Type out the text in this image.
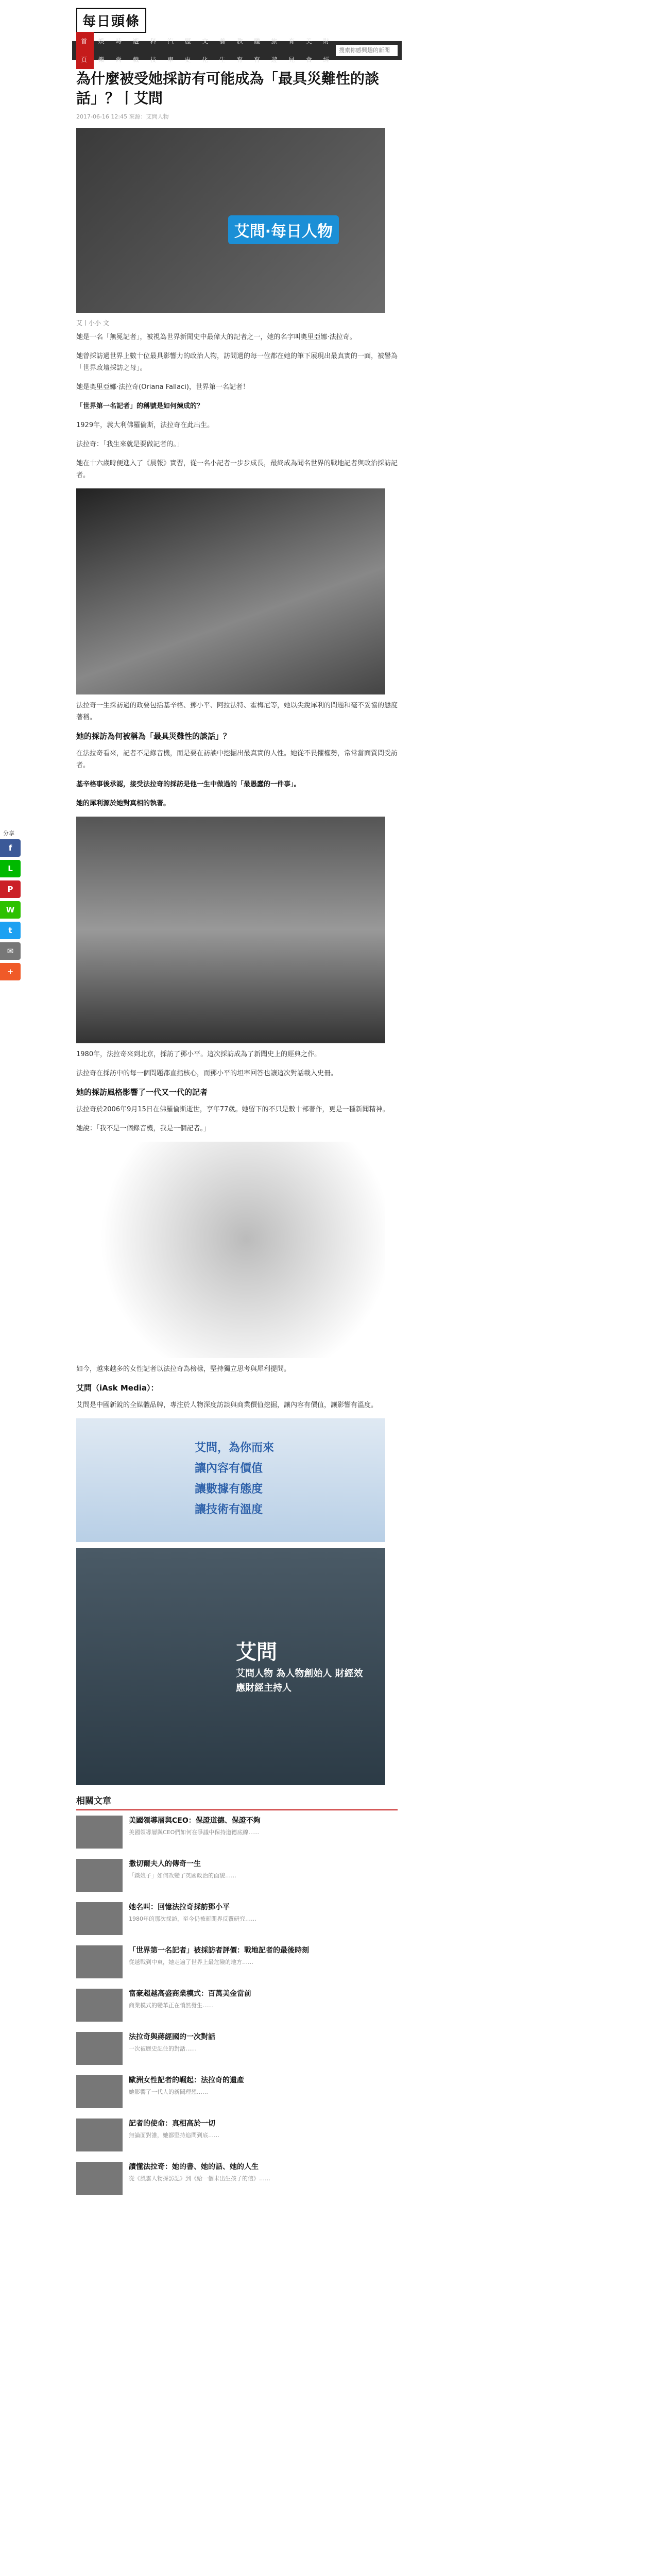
分享
f
L
P
W
t
✉
+
每日頭條
首頁
娛樂
時尚
遊戲
科技
汽車
歷史
文化
養生
教育
體育
旅遊
育兒
美食
財經
搜索你感興趣的新聞
為什麼被受她採訪有可能成為「最具災難性的談話」？丨艾問
2017-06-16 12:45 來源：艾問人物
艾問·每日人物
艾丨小小 文

她是一名「無冕記者」，被視為世界新聞史中最偉大的記者之一，她的名字叫奧里亞娜·法拉奇。

她曾採訪過世界上數十位最具影響力的政治人物，訪問過的每一位都在她的筆下展現出最真實的一面，被譽為「世界政壇採訪之母」。

她是奧里亞娜·法拉奇(Oriana Fallaci)，世界第一名記者！

「世界第一名記者」的稱號是如何煉成的？

1929年，義大利佛羅倫斯，法拉奇在此出生。

法拉奇：「我生來就是要做記者的。」

她在十六歲時便進入了《晨報》實習，從一名小記者一步步成長，最終成為聞名世界的戰地記者與政治採訪記者。

法拉奇一生採訪過的政要包括基辛格、鄧小平、阿拉法特、霍梅尼等，她以尖銳犀利的問題和毫不妥協的態度著稱。

她的採訪為何被稱為「最具災難性的談話」？

在法拉奇看來，記者不是錄音機，而是要在訪談中挖掘出最真實的人性。她從不畏懼權勢，常常當面質問受訪者。

基辛格事後承認，接受法拉奇的採訪是他一生中做過的「最愚蠢的一件事」。

她的犀利源於她對真相的執著。

1980年，法拉奇來到北京，採訪了鄧小平。這次採訪成為了新聞史上的經典之作。

法拉奇在採訪中的每一個問題都直指核心，而鄧小平的坦率回答也讓這次對話載入史冊。

她的採訪風格影響了一代又一代的記者

法拉奇於2006年9月15日在佛羅倫斯逝世，享年77歲。她留下的不只是數十部著作，更是一種新聞精神。

她說：「我不是一個錄音機，我是一個記者。」

如今，越來越多的女性記者以法拉奇為榜樣，堅持獨立思考與犀利提問。

艾問（iAsk Media）：

艾問是中國新銳的全媒體品牌，專注於人物深度訪談與商業價值挖掘，讓內容有價值，讓影響有溫度。

艾問，為你而來
讓內容有價值
讓數據有態度
讓技術有溫度
艾問
艾問人物 為人物創始人 財經效應財經主持人
相關文章
美國領導層與CEO：保證道德、保證不夠
美國領導層與CEO們如何在爭議中保持道德底線……
撒切爾夫人的傳奇一生
「鐵娘子」如何改變了英國政治的面貌……
她名叫：回憶法拉奇採訪鄧小平
1980年的那次採訪，至今仍被新聞界反覆研究……
「世界第一名記者」被採訪者評價：戰地記者的最後時刻
從越戰到中東，她走遍了世界上最危險的地方……
富豪超越高盛商業模式：百萬美金當前
商業模式的變革正在悄然發生……
法拉奇與蔣經國的一次對話
一次被歷史記住的對話……
歐洲女性記者的崛起：法拉奇的遺產
她影響了一代人的新聞理想……
記者的使命：真相高於一切
無論面對誰，她都堅持追問到底……
讀懂法拉奇：她的書、她的話、她的人生
從《風雲人物採訪記》到《給一個未出生孩子的信》……
